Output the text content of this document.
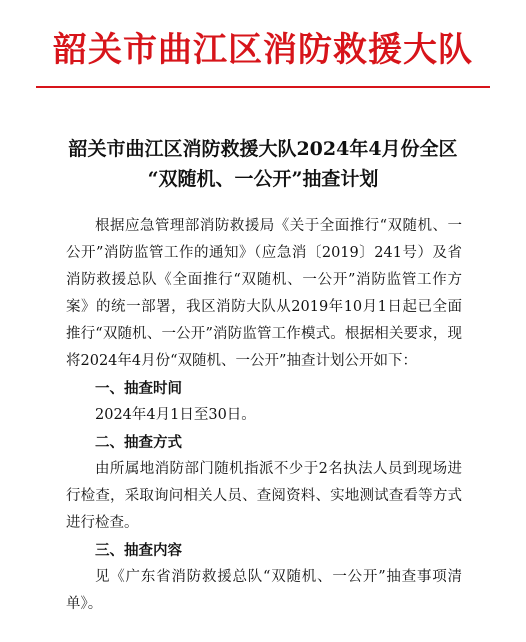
韶关市曲江区消防救援大队
韶关市曲江区消防救援大队2024年4月份全区
“双随机、一公开”抽查计划

根据应急管理部消防救援局《关于全面推行“双随机、一公开”消防监管工作的通知》（应急消〔2019〕241号）及省消防救援总队《全面推行“双随机、一公开”消防监管工作方案》的统一部署，我区消防大队从2019年10月1日起已全面推行“双随机、一公开”消防监管工作模式。根据相关要求，现将2024年4月份“双随机、一公开”抽查计划公开如下：

一、抽查时间

2024年4月1日至30日。

二、抽查方式

由所属地消防部门随机指派不少于2名执法人员到现场进行检查，采取询问相关人员、查阅资料、实地测试查看等方式进行检查。

三、抽查内容

见《广东省消防救援总队“双随机、一公开”抽查事项清单》。
